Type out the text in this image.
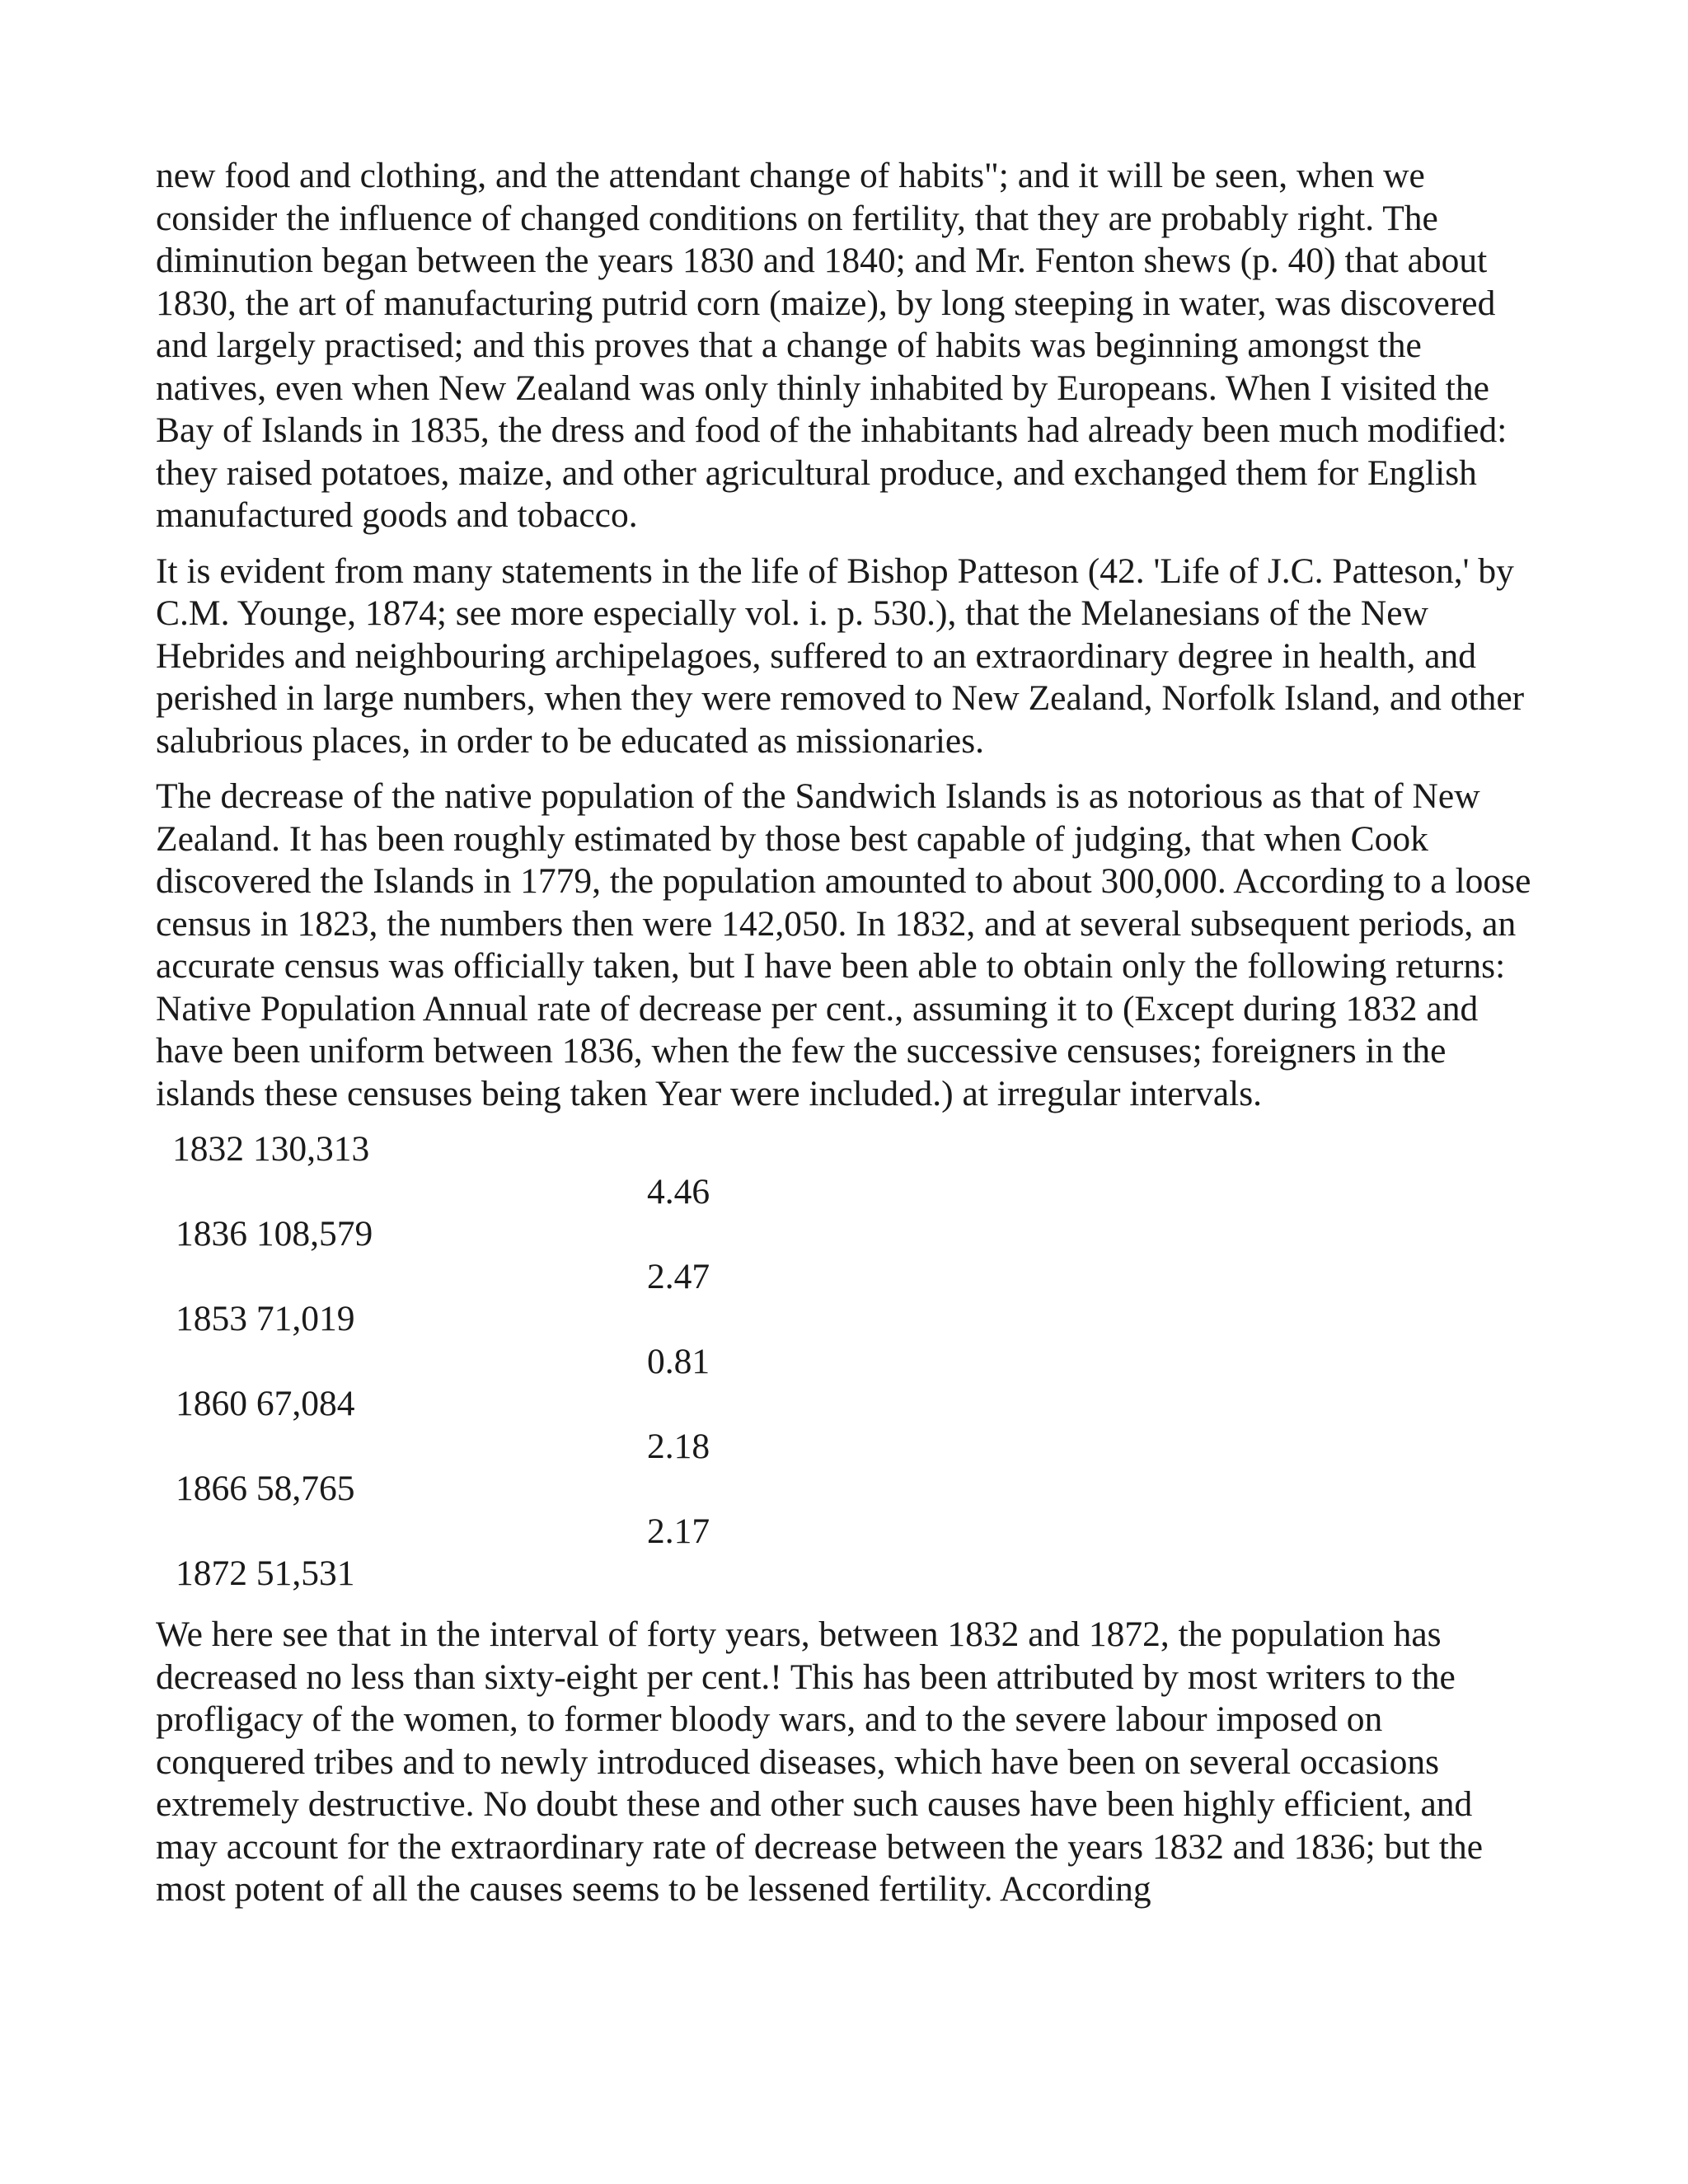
new food and clothing, and the attendant change of habits"; and it will be seen, when we consider the influence of changed conditions on fertility, that they are probably right. The diminution began between the years 1830 and 1840; and Mr. Fenton shews (p. 40) that about 1830, the art of manufacturing putrid corn (maize), by long steeping in water, was discovered and largely practised; and this proves that a change of habits was beginning amongst the natives, even when New Zealand was only thinly inhabited by Europeans. When I visited the Bay of Islands in 1835, the dress and food of the inhabitants had already been much modified: they raised potatoes, maize, and other agricultural produce, and exchanged them for English manufactured goods and tobacco.

It is evident from many statements in the life of Bishop Patteson (42. 'Life of J.C. Patteson,' by C.M. Younge, 1874; see more especially vol. i. p. 530.), that the Melanesians of the New Hebrides and neighbouring archipelagoes, suffered to an extraordinary degree in health, and perished in large numbers, when they were removed to New Zealand, Norfolk Island, and other salubrious places, in order to be educated as missionaries.

The decrease of the native population of the Sandwich Islands is as notorious as that of New Zealand. It has been roughly estimated by those best capable of judging, that when Cook discovered the Islands in 1779, the population amounted to about 300,000. According to a loose census in 1823, the numbers then were 142,050. In 1832, and at several subsequent periods, an accurate census was officially taken, but I have been able to obtain only the following returns: Native Population Annual rate of decrease per cent., assuming it to (Except during 1832 and have been uniform between 1836, when the few the successive censuses; foreigners in the islands these censuses being taken Year were included.) at irregular intervals.

1832 130,313
4.46
1836 108,579
2.47
1853 71,019
0.81
1860 67,084
2.18
1866 58,765
2.17
1872 51,531

We here see that in the interval of forty years, between 1832 and 1872, the population has decreased no less than sixty-eight per cent.! This has been attributed by most writers to the profligacy of the women, to former bloody wars, and to the severe labour imposed on conquered tribes and to newly introduced diseases, which have been on several occasions extremely destructive. No doubt these and other such causes have been highly efficient, and may account for the extraordinary rate of decrease between the years 1832 and 1836; but the most potent of all the causes seems to be lessened fertility. According
